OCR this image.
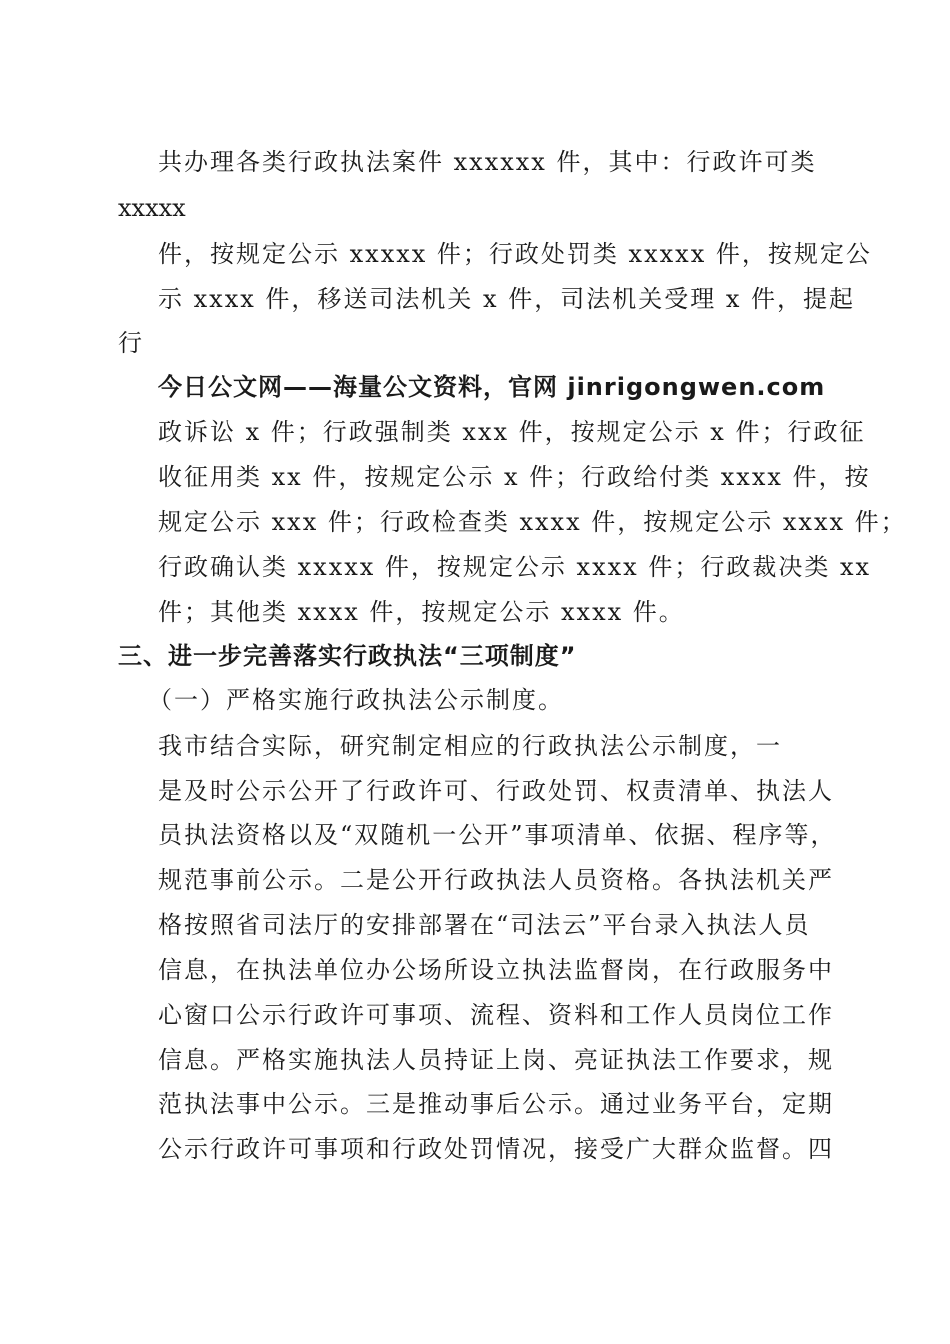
共办理各类行政执法案件 xxxxxx 件，其中：行政许可类
xxxxx
件，按规定公示 xxxxx 件；行政处罚类 xxxxx 件，按规定公
示 xxxx 件，移送司法机关 x 件，司法机关受理 x 件，提起
行
今日公文网——海量公文资料，官网 jinrigongwen.com
政诉讼 x 件；行政强制类 xxx 件，按规定公示 x 件；行政征
收征用类 xx 件，按规定公示 x 件；行政给付类 xxxx 件，按
规定公示 xxx 件；行政检查类 xxxx 件，按规定公示 xxxx 件；
行政确认类 xxxxx 件，按规定公示 xxxx 件；行政裁决类 xx
件；其他类 xxxx 件，按规定公示 xxxx 件。
三、进一步完善落实行政执法“三项制度”
（一）严格实施行政执法公示制度。
我市结合实际，研究制定相应的行政执法公示制度，一
是及时公示公开了行政许可、行政处罚、权责清单、执法人
员执法资格以及“双随机一公开”事项清单、依据、程序等，
规范事前公示。二是公开行政执法人员资格。各执法机关严
格按照省司法厅的安排部署在“司法云”平台录入执法人员
信息，在执法单位办公场所设立执法监督岗，在行政服务中
心窗口公示行政许可事项、流程、资料和工作人员岗位工作
信息。严格实施执法人员持证上岗、亮证执法工作要求，规
范执法事中公示。三是推动事后公示。通过业务平台，定期
公示行政许可事项和行政处罚情况，接受广大群众监督。四
